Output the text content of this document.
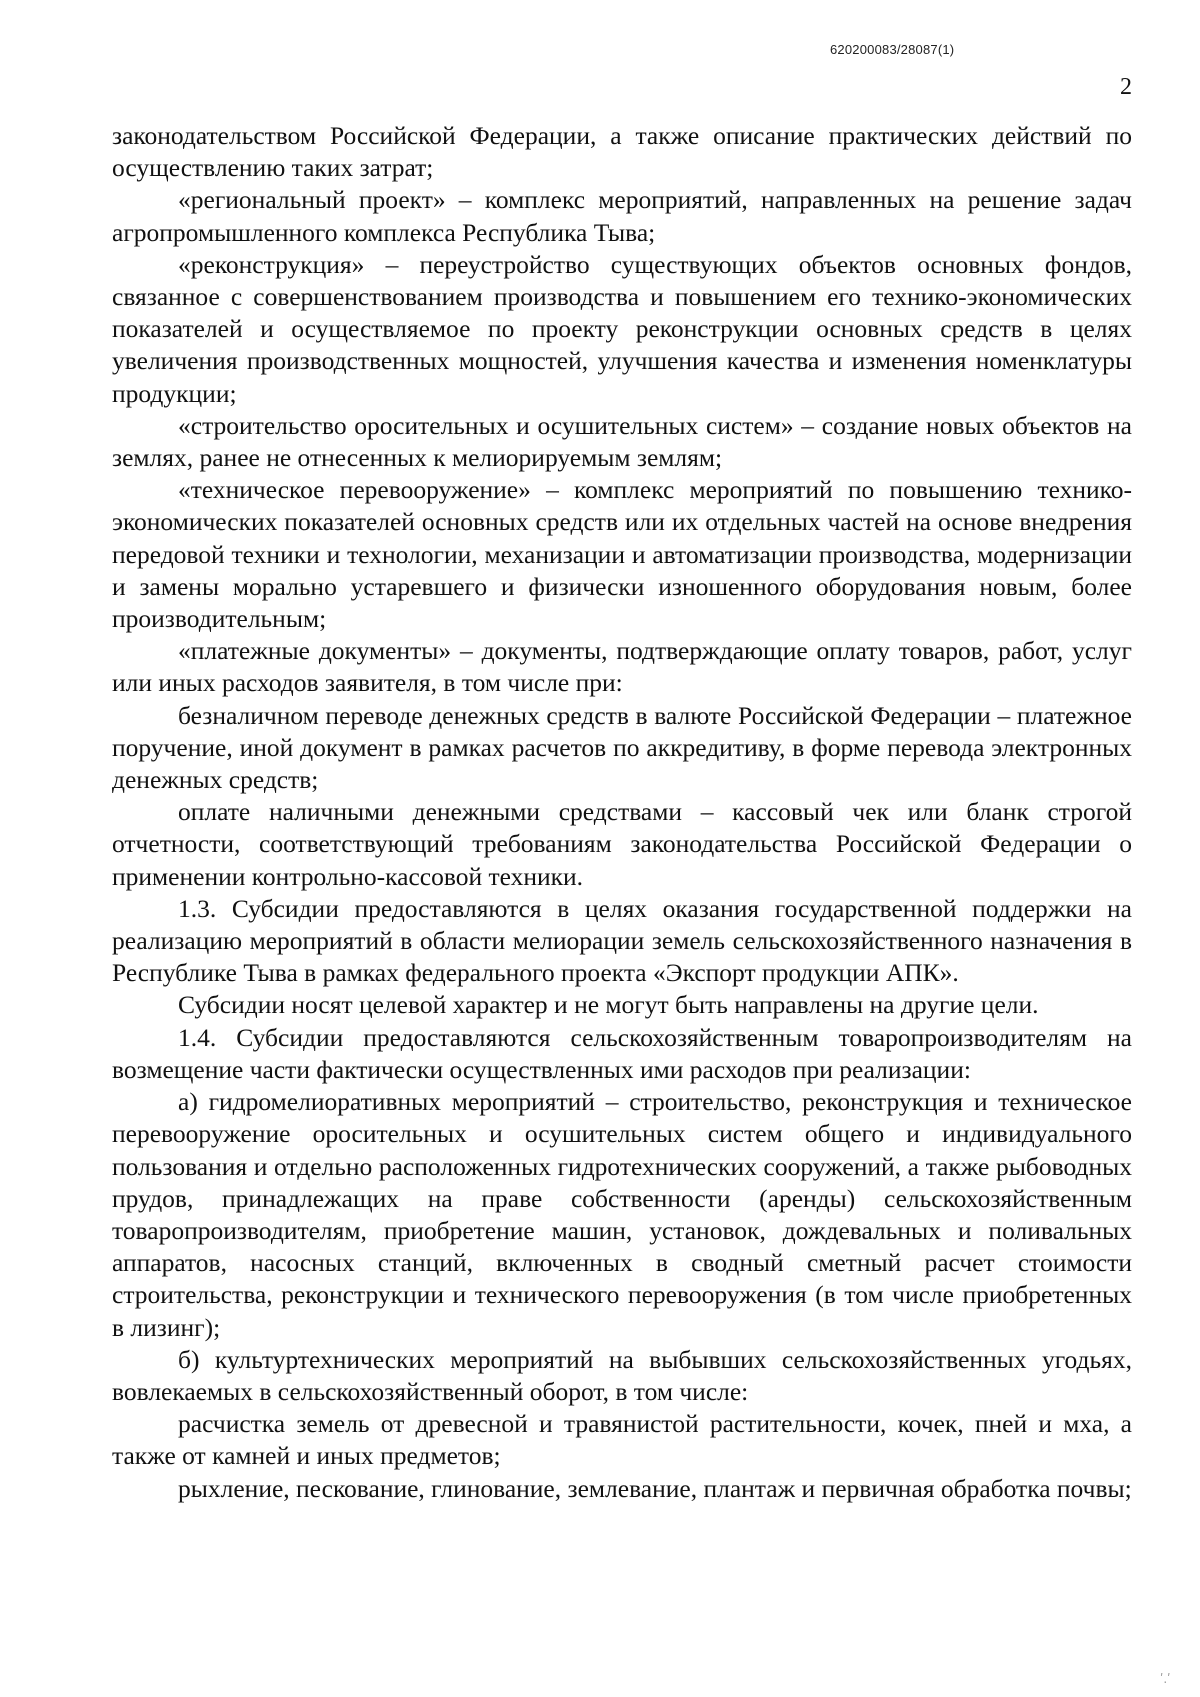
620200083/28087(1)
2

законодательством Российской Федерации, а также описание практических действий по осуществлению таких затрат;

«региональный проект» – комплекс мероприятий, направленных на решение задач агропромышленного комплекса Республика Тыва;

«реконструкция» – переустройство существующих объектов основных фондов, связанное с совершенствованием производства и повышением его технико-экономических показателей и осуществляемое по проекту реконструкции основных средств в целях увеличения производственных мощностей, улучшения качества и изменения номенклатуры продукции;

«строительство оросительных и осушительных систем» – создание новых объектов на землях, ранее не отнесенных к мелиорируемым землям;

«техническое перевооружение» – комплекс мероприятий по повышению технико-экономических показателей основных средств или их отдельных частей на основе внедрения передовой техники и технологии, механизации и автоматизации производства, модернизации и замены морально устаревшего и физически изношенного оборудования новым, более производительным;

«платежные документы» – документы, подтверждающие оплату товаров, работ, услуг или иных расходов заявителя, в том числе при:

безналичном переводе денежных средств в валюте Российской Федерации – платежное поручение, иной документ в рамках расчетов по аккредитиву, в форме перевода электронных денежных средств;

оплате наличными денежными средствами – кассовый чек или бланк строгой отчетности, соответствующий требованиям законодательства Российской Федерации о применении контрольно-кассовой техники.

1.3. Субсидии предоставляются в целях оказания государственной поддержки на реализацию мероприятий в области мелиорации земель сельскохозяйственного назначения в Республике Тыва в рамках федерального проекта «Экспорт продукции АПК».

Субсидии носят целевой характер и не могут быть направлены на другие цели.

1.4. Субсидии предоставляются сельскохозяйственным товаропроизводителям на возмещение части фактически осуществленных ими расходов при реализации:

а) гидромелиоративных мероприятий – строительство, реконструкция и техническое перевооружение оросительных и осушительных систем общего и индивидуального пользования и отдельно расположенных гидротехнических сооружений, а также рыбоводных прудов, принадлежащих на праве собственности (аренды) сельскохозяйственным товаропроизводителям, приобретение машин, установок, дождевальных и поливальных аппаратов, насосных станций, включенных в сводный сметный расчет стоимости строительства, реконструкции и технического перевооружения (в том числе приобретенных в лизинг);

б) культуртехнических мероприятий на выбывших сельскохозяйственных угодьях, вовлекаемых в сельскохозяйственный оборот, в том числе:

расчистка земель от древесной и травянистой растительности, кочек, пней и мха, а также от камней и иных предметов;

рыхление, пескование, глинование, землевание, плантаж и первичная обработка почвы;

ʹ.ʹ
